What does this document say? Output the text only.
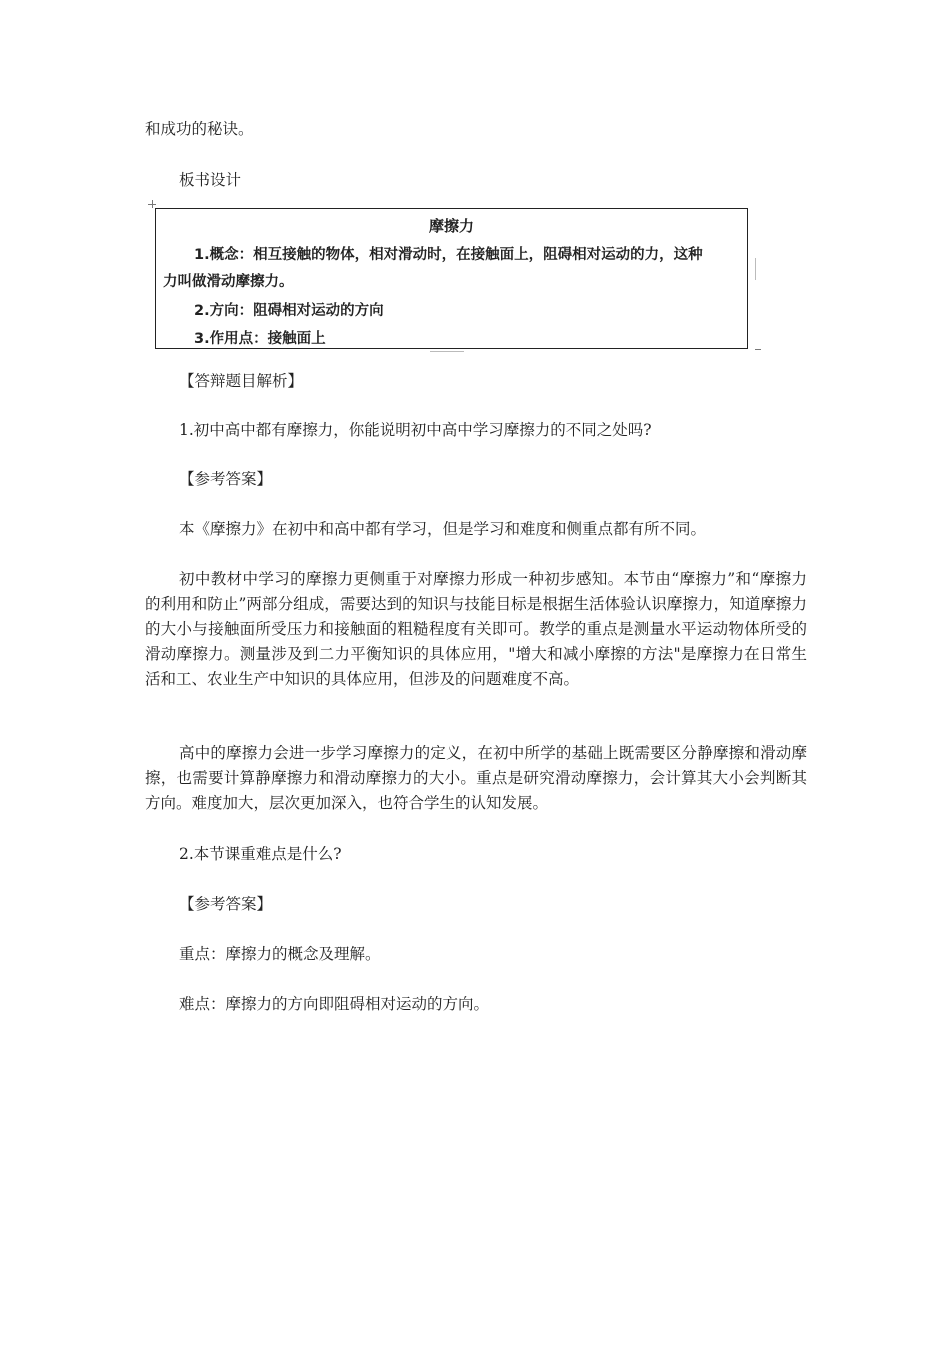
和成功的秘诀。

板书设计

摩擦力
1.概念：相互接触的物体，相对滑动时，在接触面上，阻碍相对运动的力，这种
力叫做滑动摩擦力。
2.方向：阻碍相对运动的方向
3.作用点：接触面上

【答辩题目解析】

1.初中高中都有摩擦力，你能说明初中高中学习摩擦力的不同之处吗?

【参考答案】

本《摩擦力》在初中和高中都有学习，但是学习和难度和侧重点都有所不同。

初中教材中学习的摩擦力更侧重于对摩擦力形成一种初步感知。本节由“摩擦力”和“摩擦力的利用和防止”两部分组成，需要达到的知识与技能目标是根据生活体验认识摩擦力，知道摩擦力的大小与接触面所受压力和接触面的粗糙程度有关即可。教学的重点是测量水平运动物体所受的滑动摩擦力。测量涉及到二力平衡知识的具体应用，"增大和减小摩擦的方法"是摩擦力在日常生活和工、农业生产中知识的具体应用，但涉及的问题难度不高。

高中的摩擦力会进一步学习摩擦力的定义，在初中所学的基础上既需要区分静摩擦和滑动摩擦，也需要计算静摩擦力和滑动摩擦力的大小。重点是研究滑动摩擦力，会计算其大小会判断其方向。难度加大，层次更加深入，也符合学生的认知发展。

2.本节课重难点是什么?

【参考答案】

重点：摩擦力的概念及理解。

难点：摩擦力的方向即阻碍相对运动的方向。
